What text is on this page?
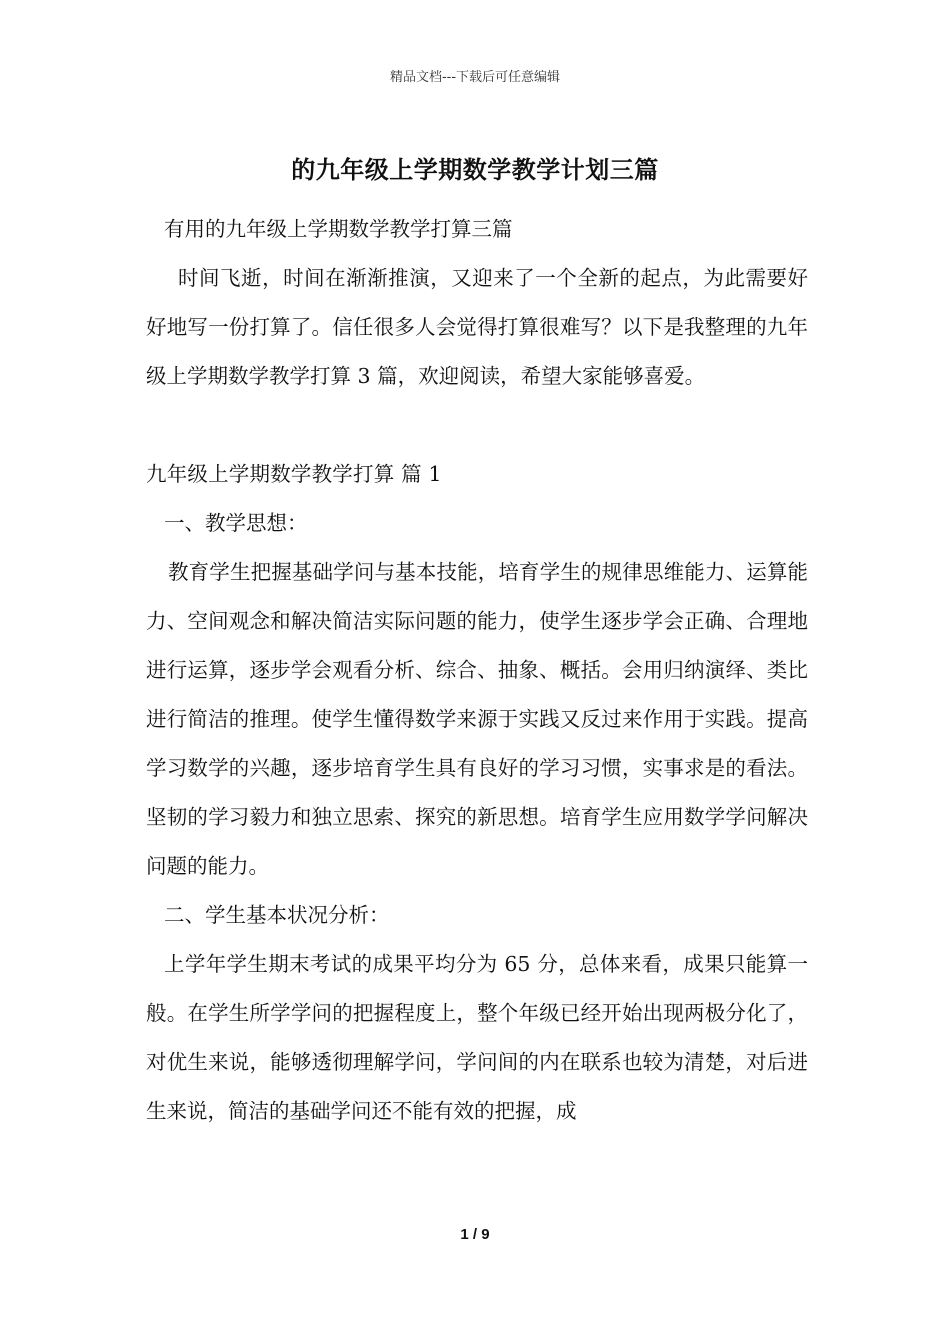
精品文档---下载后可任意编辑
的九年级上学期数学教学计划三篇

有用的九年级上学期数学教学打算三篇

时间飞逝，时间在渐渐推演，又迎来了一个全新的起点，为此需要好好地写一份打算了。信任很多人会觉得打算很难写？以下是我整理的九年级上学期数学教学打算 3 篇，欢迎阅读，希望大家能够喜爱。

九年级上学期数学教学打算 篇 1

一、教学思想：

教育学生把握基础学问与基本技能，培育学生的规律思维能力、运算能力、空间观念和解决简洁实际问题的能力，使学生逐步学会正确、合理地进行运算，逐步学会观看分析、综合、抽象、概括。会用归纳演绎、类比进行简洁的推理。使学生懂得数学来源于实践又反过来作用于实践。提高学习数学的兴趣，逐步培育学生具有良好的学习习惯，实事求是的看法。坚韧的学习毅力和独立思索、探究的新思想。培育学生应用数学学问解决问题的能力。

二、学生基本状况分析：

上学年学生期末考试的成果平均分为 65 分，总体来看，成果只能算一般。在学生所学学问的把握程度上，整个年级已经开始出现两极分化了，对优生来说，能够透彻理解学问，学问间的内在联系也较为清楚，对后进生来说，简洁的基础学问还不能有效的把握，成

1 / 9
